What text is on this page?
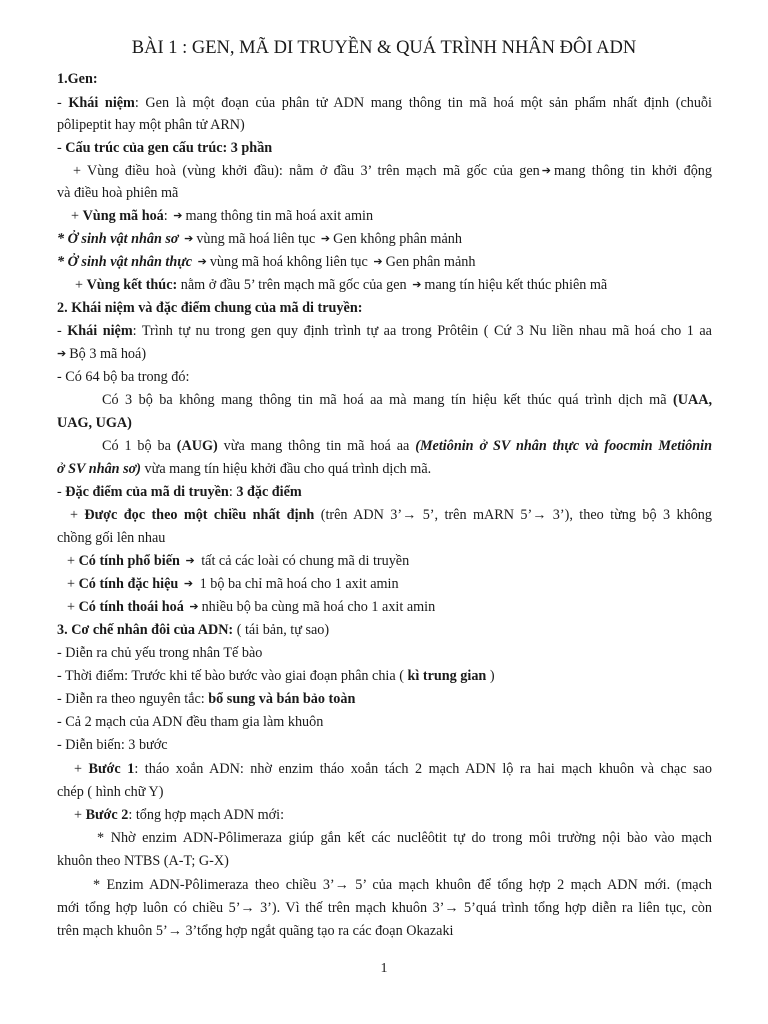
BÀI 1 : GEN, MÃ DI TRUYỀN & QUÁ TRÌNH NHÂN ĐÔI ADN
1.Gen:
- Khái niệm: Gen là một đoạn của phân tử ADN mang thông tin mã hoá một sản phẩm nhất định (chuỗi
pôlipeptit hay một phân tử ARN)
- Cấu trúc của gen cấu trúc: 3 phần
+ Vùng điều hoà (vùng khởi đầu): nằm ở đầu 3’ trên mạch mã gốc của gen ➔ mang thông tin khởi động
và điều hoà phiên mã
+ Vùng mã hoá: ➔ mang thông tin mã hoá axit amin
* Ở sinh vật nhân sơ ➔ vùng mã hoá liên tục ➔ Gen không phân mảnh
* Ở sinh vật nhân thực ➔ vùng mã hoá không liên tục ➔ Gen phân mảnh
+ Vùng kết thúc: nằm ở đầu 5’ trên mạch mã gốc của gen ➔ mang tín hiệu kết thúc phiên mã
2. Khái niệm và đặc điểm chung của mã di truyền:
- Khái niệm: Trình tự nu trong gen quy định trình tự aa trong Prôtêin ( Cứ 3 Nu liền nhau mã hoá cho 1 aa
➔ Bộ 3 mã hoá)
- Có 64 bộ ba trong đó:
Có 3 bộ ba không mang thông tin mã hoá aa mà mang tín hiệu kết thúc quá trình dịch mã (UAA,
UAG, UGA)
Có 1 bộ ba (AUG) vừa mang thông tin mã hoá aa (Metiônin ở SV nhân thực và foocmin Metiônin
ở SV nhân sơ) vừa mang tín hiệu khởi đầu cho quá trình dịch mã.
- Đặc điểm của mã di truyền: 3 đặc điểm
+ Được đọc theo một chiều nhất định (trên ADN 3’→ 5’, trên mARN 5’→ 3’), theo từng bộ 3 không
chồng gối lên nhau
+ Có tính phổ biến ➔ tất cả các loài có chung mã di truyền
+ Có tính đặc hiệu ➔ 1 bộ ba chỉ mã hoá cho 1 axit amin
+ Có tính thoái hoá ➔ nhiều bộ ba cùng mã hoá cho 1 axit amin
3. Cơ chế nhân đôi của ADN: ( tái bản, tự sao)
- Diễn ra chủ yếu trong nhân Tế bào
- Thời điểm: Trước khi tế bào bước vào giai đoạn phân chia ( kì trung gian )
- Diễn ra theo nguyên tắc: bổ sung và bán bảo toàn
- Cả 2 mạch của ADN đều tham gia làm khuôn
- Diễn biến: 3 bước
+ Bước 1: tháo xoắn ADN: nhờ enzim tháo xoắn tách 2 mạch ADN lộ ra hai mạch khuôn và chạc sao
chép ( hình chữ Y)
+ Bước 2: tổng hợp mạch ADN mới:
* Nhờ enzim ADN-Pôlimeraza giúp gắn kết các nuclêôtit tự do trong môi trường nội bào vào mạch
khuôn theo NTBS (A-T; G-X)
* Enzim ADN-Pôlimeraza theo chiều 3’→ 5’ của mạch khuôn để tổng hợp 2 mạch ADN mới. (mạch
mới tổng hợp luôn có chiều 5’→ 3’). Vì thế trên mạch khuôn 3’→ 5’quá trình tổng hợp diễn ra liên tục, còn
trên mạch khuôn 5’→ 3’tổng hợp ngắt quãng tạo ra các đoạn Okazaki
1
